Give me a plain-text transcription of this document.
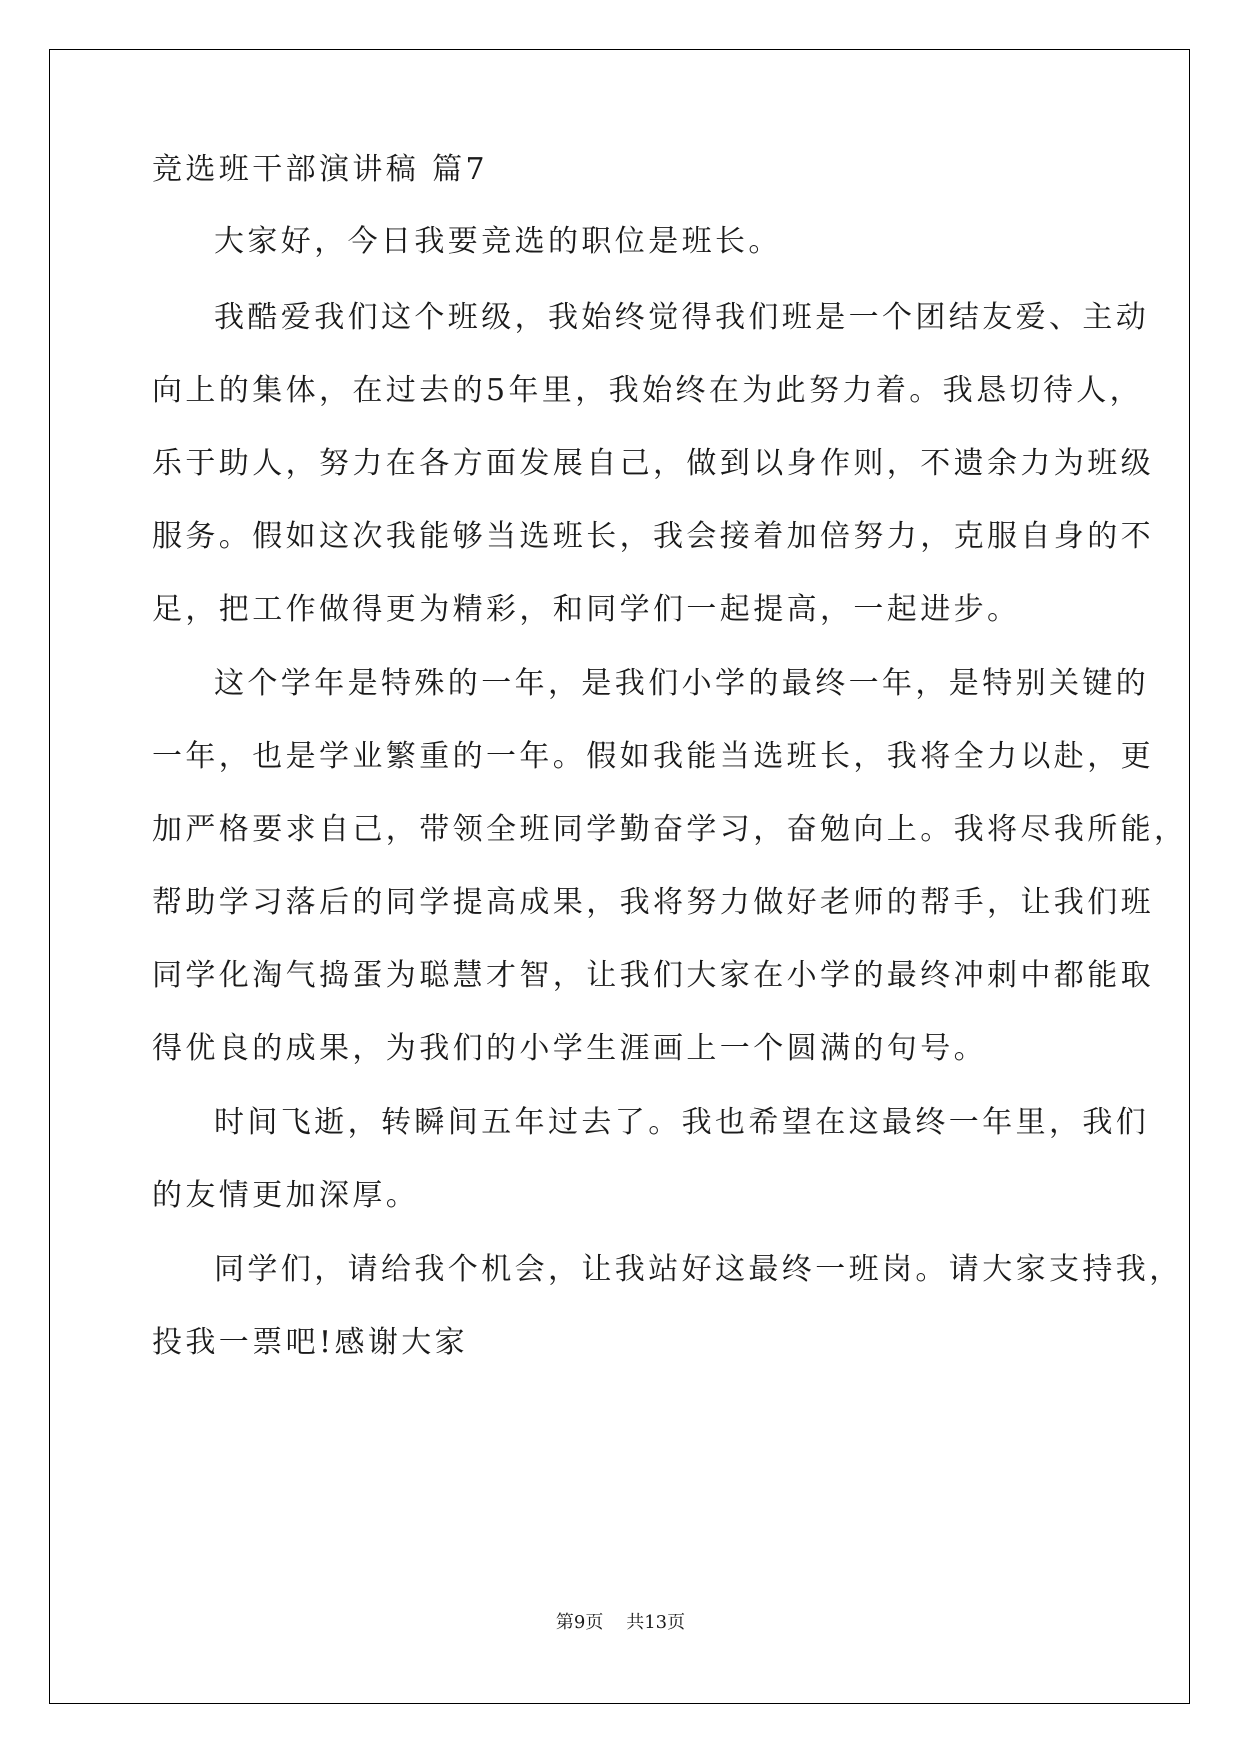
竞选班干部演讲稿 篇7

大家好，今日我要竞选的职位是班长。

我酷爱我们这个班级，我始终觉得我们班是一个团结友爱、主动

向上的集体，在过去的5年里，我始终在为此努力着。我恳切待人，

乐于助人，努力在各方面发展自己，做到以身作则，不遗余力为班级

服务。假如这次我能够当选班长，我会接着加倍努力，克服自身的不

足，把工作做得更为精彩，和同学们一起提高，一起进步。

这个学年是特殊的一年，是我们小学的最终一年，是特别关键的

一年，也是学业繁重的一年。假如我能当选班长，我将全力以赴，更

加严格要求自己，带领全班同学勤奋学习，奋勉向上。我将尽我所能，

帮助学习落后的同学提高成果，我将努力做好老师的帮手，让我们班

同学化淘气捣蛋为聪慧才智，让我们大家在小学的最终冲刺中都能取

得优良的成果，为我们的小学生涯画上一个圆满的句号。

时间飞逝，转瞬间五年过去了。我也希望在这最终一年里，我们

的友情更加深厚。

同学们，请给我个机会，让我站好这最终一班岗。请大家支持我，

投我一票吧!感谢大家

第9页    共13页
